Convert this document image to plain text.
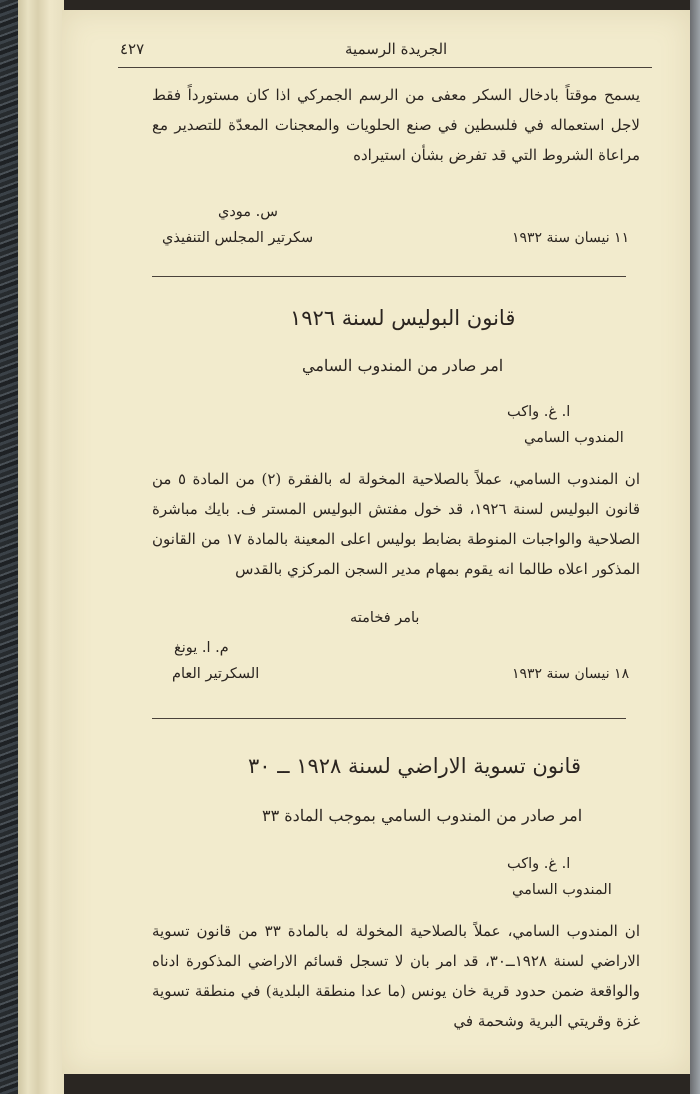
٤٢٧	الجريدة الرسمية
يسمح موقتاً بادخال السكر معفى من الرسم الجمركي اذا كان مستورداً فقط لاجل استعماله في فلسطين في صنع الحلويات والمعجنات المعدّة للتصدير مع مراعاة الشروط التي قد تفرض بشأن استيراده
س. مودي
سكرتير المجلس التنفيذي	١١ نيسان سنة ١٩٣٢
قانون البوليس لسنة ١٩٢٦
امر صادر من المندوب السامي
ا. غ. واكب
المندوب السامي
ان المندوب السامي، عملاً بالصلاحية المخولة له بالفقرة (٢) من المادة ٥ من قانون البوليس لسنة ١٩٢٦، قد خول مفتش البوليس المستر ف. بايك مباشرة الصلاحية والواجبات المنوطة بضابط بوليس اعلى المعينة بالمادة ١٧ من القانون المذكور اعلاه طالما انه يقوم بمهام مدير السجن المركزي بالقدس
بامر فخامته
م. ا. يونغ
السكرتير العام	١٨ نيسان سنة ١٩٣٢
قانون تسوية الاراضي لسنة ١٩٢٨ ــ ٣٠
امر صادر من المندوب السامي بموجب المادة ٣٣
ا. غ. واكب
المندوب السامي
ان المندوب السامي، عملاً بالصلاحية المخولة له بالمادة ٣٣ من قانون تسوية الاراضي لسنة ١٩٢٨ــ٣٠، قد امر بان لا تسجل قسائم الاراضي المذكورة ادناه والواقعة ضمن حدود قرية خان يونس (ما عدا منطقة البلدية) في منطقة تسوية غزة وقريتي البرية وشحمة في
